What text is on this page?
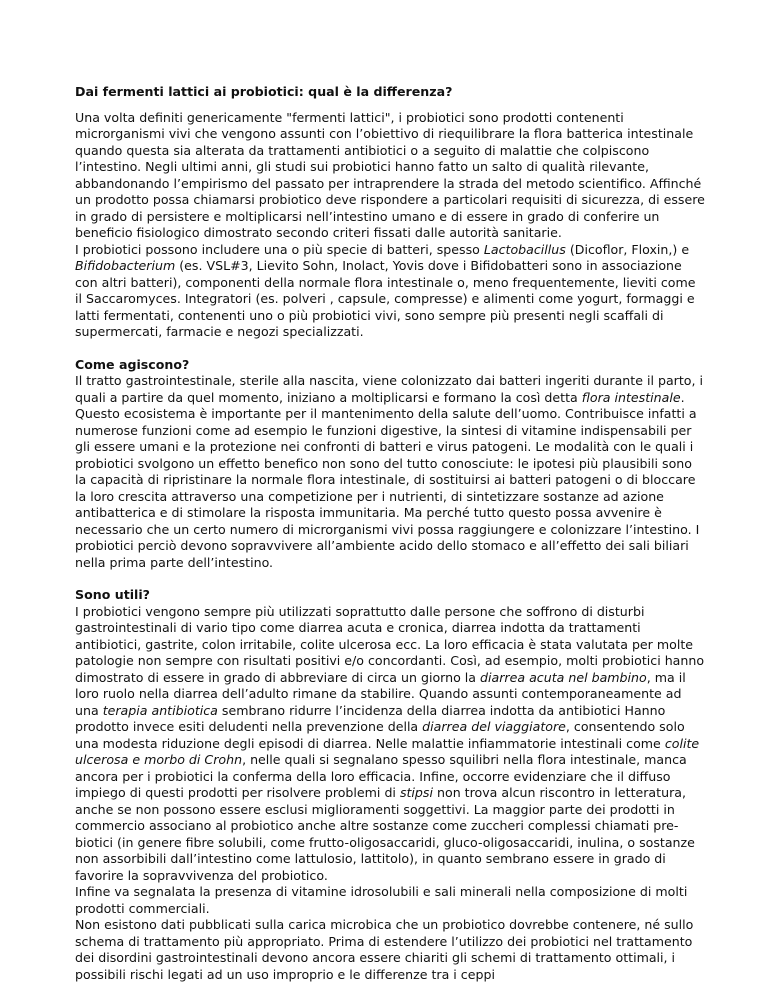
Dai fermenti lattici ai probiotici: qual è la differenza?

Una volta definiti genericamente "fermenti lattici", i probiotici sono prodotti contenenti microrganismi vivi che vengono assunti con l’obiettivo di riequilibrare la flora batterica intestinale quando questa sia alterata da trattamenti antibiotici o a seguito di malattie che colpiscono l’intestino. Negli ultimi anni, gli studi sui probiotici hanno fatto un salto di qualità rilevante, abbandonando l’empirismo del passato per intraprendere la strada del metodo scientifico. Affinché un prodotto possa chiamarsi probiotico deve rispondere a particolari requisiti di sicurezza, di essere in grado di persistere e moltiplicarsi nell’intestino umano e di essere in grado di conferire un beneficio fisiologico dimostrato secondo criteri fissati dalle autorità sanitarie.

I probiotici possono includere una o più specie di batteri, spesso Lactobacillus (Dicoflor, Floxin,) e Bifidobacterium (es. VSL#3, Lievito Sohn, Inolact, Yovis dove i Bifidobatteri sono in associazione con altri batteri), componenti della normale flora intestinale o, meno frequentemente, lieviti come il Saccaromyces. Integratori (es. polveri , capsule, compresse) e alimenti come yogurt, formaggi e latti fermentati, contenenti uno o più probiotici vivi, sono sempre più presenti negli scaffali di supermercati, farmacie e negozi specializzati.

Come agiscono?

Il tratto gastrointestinale, sterile alla nascita, viene colonizzato dai batteri ingeriti durante il parto, i quali a partire da quel momento, iniziano a moltiplicarsi e formano la così detta flora intestinale. Questo ecosistema è importante per il mantenimento della salute dell’uomo. Contribuisce infatti a numerose funzioni come ad esempio le funzioni digestive, la sintesi di vitamine indispensabili per gli essere umani e la protezione nei confronti di batteri e virus patogeni. Le modalità con le quali i probiotici svolgono un effetto benefico non sono del tutto conosciute: le ipotesi più plausibili sono la capacità di ripristinare la normale flora intestinale, di sostituirsi ai batteri patogeni o di bloccare la loro crescita attraverso una competizione per i nutrienti, di sintetizzare sostanze ad azione antibatterica e di stimolare la risposta immunitaria. Ma perché tutto questo possa avvenire è necessario che un certo numero di microrganismi vivi possa raggiungere e colonizzare l’intestino. I probiotici perciò devono sopravvivere all’ambiente acido dello stomaco e all’effetto dei sali biliari nella prima parte dell’intestino.

Sono utili?

I probiotici vengono sempre più utilizzati soprattutto dalle persone che soffrono di disturbi gastrointestinali di vario tipo come diarrea acuta e cronica, diarrea indotta da trattamenti antibiotici, gastrite, colon irritabile, colite ulcerosa ecc. La loro efficacia è stata valutata per molte patologie non sempre con risultati positivi e/o concordanti. Così, ad esempio, molti probiotici hanno dimostrato di essere in grado di abbreviare di circa un giorno la diarrea acuta nel bambino, ma il loro ruolo nella diarrea dell’adulto rimane da stabilire. Quando assunti contemporaneamente ad una terapia antibiotica sembrano ridurre l’incidenza della diarrea indotta da antibiotici Hanno prodotto invece esiti deludenti nella prevenzione della diarrea del viaggiatore, consentendo solo una modesta riduzione degli episodi di diarrea. Nelle malattie infiammatorie intestinali come colite ulcerosa e morbo di Crohn, nelle quali si segnalano spesso squilibri nella flora intestinale, manca ancora per i probiotici la conferma della loro efficacia. Infine, occorre evidenziare che il diffuso impiego di questi prodotti per risolvere problemi di stipsi non trova alcun riscontro in letteratura, anche se non possono essere esclusi miglioramenti soggettivi. La maggior parte dei prodotti in commercio associano al probiotico anche altre sostanze come zuccheri complessi chiamati pre-biotici (in genere fibre solubili, come frutto-oligosaccaridi, gluco-oligosaccaridi, inulina, o sostanze non assorbibili dall’intestino come lattulosio, lattitolo), in quanto sembrano essere in grado di favorire la sopravvivenza del probiotico.

Infine va segnalata la presenza di vitamine idrosolubili e sali minerali nella composizione di molti prodotti commerciali.

Non esistono dati pubblicati sulla carica microbica che un probiotico dovrebbe contenere, né sullo schema di trattamento più appropriato. Prima di estendere l’utilizzo dei probiotici nel trattamento dei disordini gastrointestinali devono ancora essere chiariti gli schemi di trattamento ottimali, i possibili rischi legati ad un uso improprio e le differenze tra i ceppi
